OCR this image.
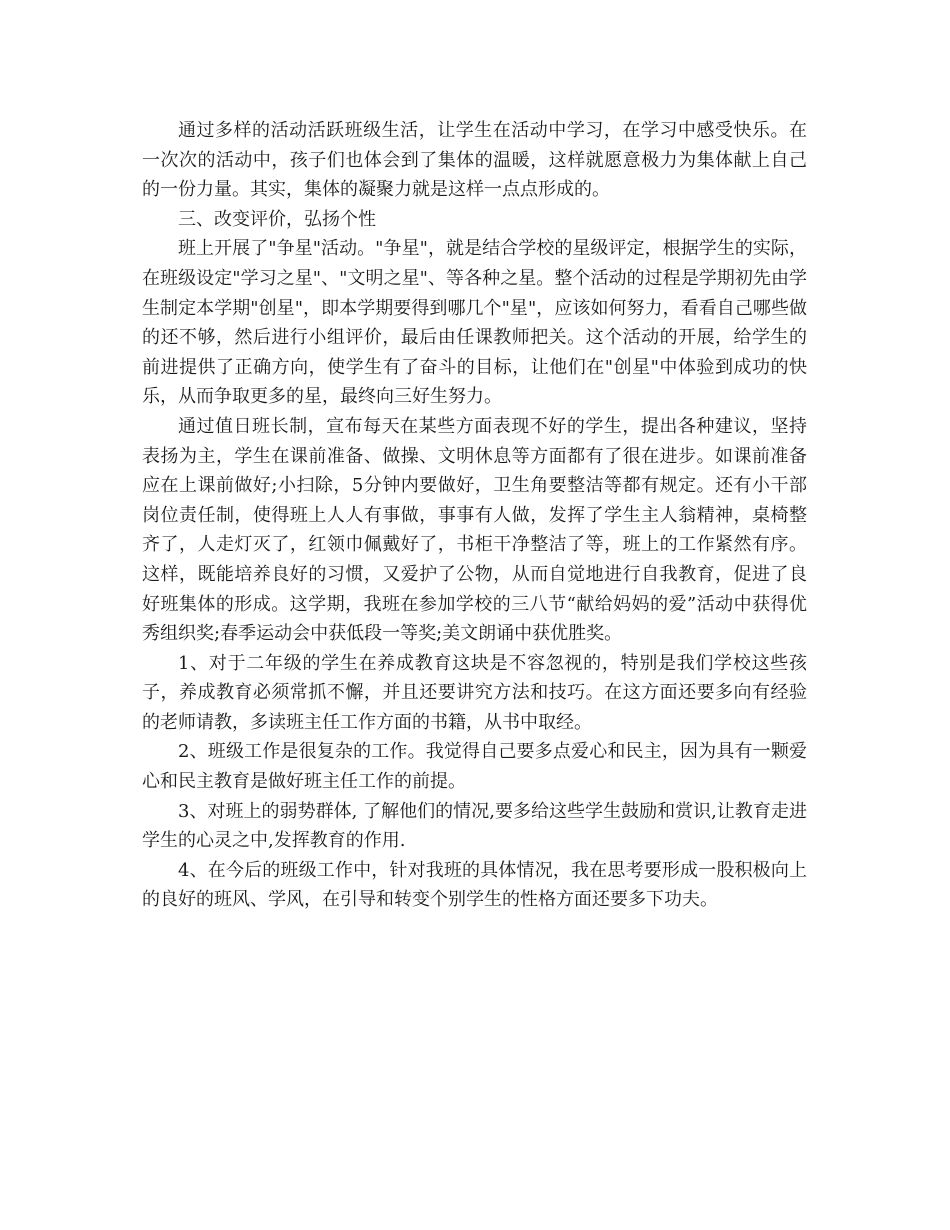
通过多样的活动活跃班级生活，让学生在活动中学习，在学习中感受快乐。在一次次的活动中，孩子们也体会到了集体的温暖，这样就愿意极力为集体献上自己的一份力量。其实，集体的凝聚力就是这样一点点形成的。

三、改变评价，弘扬个性

班上开展了"争星"活动。"争星"，就是结合学校的星级评定，根据学生的实际，在班级设定"学习之星"、"文明之星"、等各种之星。整个活动的过程是学期初先由学生制定本学期"创星"，即本学期要得到哪几个"星"，应该如何努力，看看自己哪些做的还不够，然后进行小组评价，最后由任课教师把关。这个活动的开展，给学生的前进提供了正确方向，使学生有了奋斗的目标，让他们在"创星"中体验到成功的快乐，从而争取更多的星，最终向三好生努力。

通过值日班长制，宣布每天在某些方面表现不好的学生，提出各种建议，坚持表扬为主，学生在课前准备、做操、文明休息等方面都有了很在进步。如课前准备应在上课前做好;小扫除，5分钟内要做好，卫生角要整洁等都有规定。还有小干部岗位责任制，使得班上人人有事做，事事有人做，发挥了学生主人翁精神，桌椅整齐了，人走灯灭了，红领巾佩戴好了，书柜干净整洁了等，班上的工作紧然有序。这样，既能培养良好的习惯，又爱护了公物，从而自觉地进行自我教育，促进了良好班集体的形成。这学期，我班在参加学校的三八节“献给妈妈的爱”活动中获得优秀组织奖;春季运动会中获低段一等奖;美文朗诵中获优胜奖。

1、对于二年级的学生在养成教育这块是不容忽视的，特别是我们学校这些孩子，养成教育必须常抓不懈，并且还要讲究方法和技巧。在这方面还要多向有经验的老师请教，多读班主任工作方面的书籍，从书中取经。

2、班级工作是很复杂的工作。我觉得自己要多点爱心和民主，因为具有一颗爱心和民主教育是做好班主任工作的前提。

3、对班上的弱势群体, 了解他们的情况,要多给这些学生鼓励和赏识,让教育走进学生的心灵之中,发挥教育的作用.

4、在今后的班级工作中，针对我班的具体情况，我在思考要形成一股积极向上的良好的班风、学风，在引导和转变个别学生的性格方面还要多下功夫。
